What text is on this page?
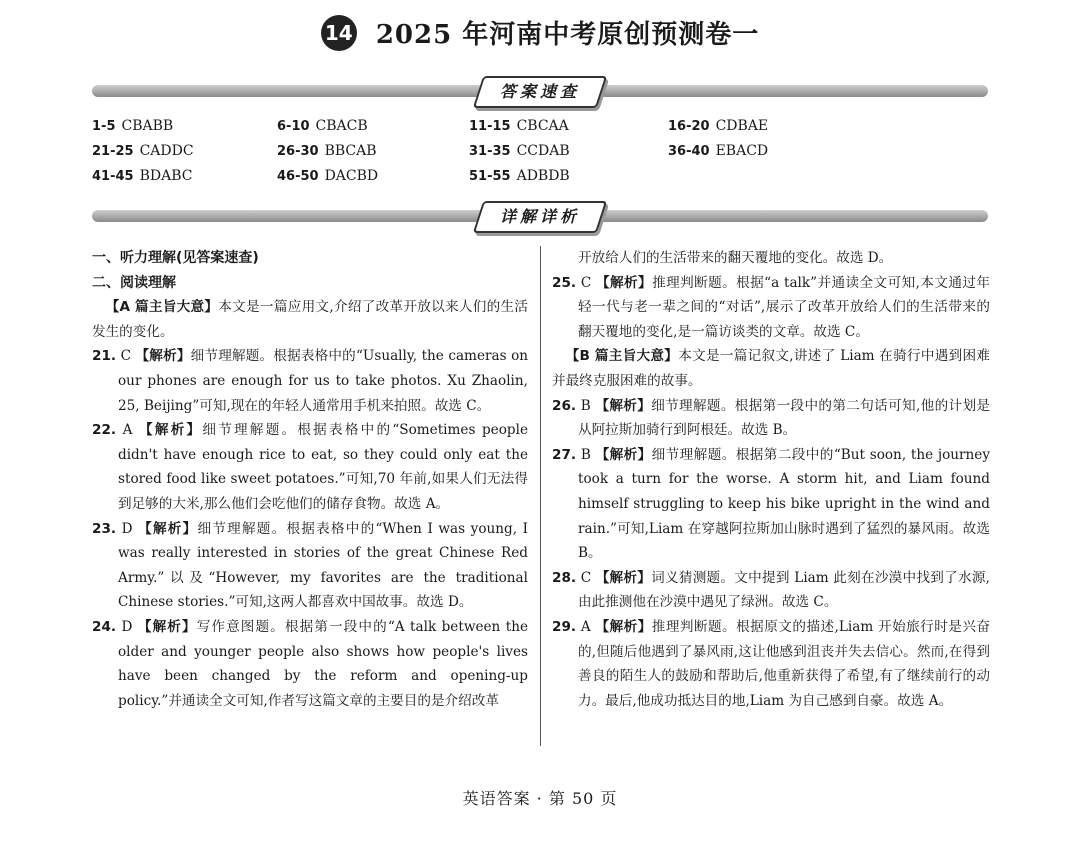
14 2025 年河南中考原创预测卷一
答案速查
1-5 CBABB	6-10 CBACB	11-15 CBCAA	16-20 CDBAE
21-25 CADDC	26-30 BBCAB	31-35 CCDAB	36-40 EBACD
41-45 BDABC	46-50 DACBD	51-55 ADBDB
详解详析

一、听力理解(见答案速查)

二、阅读理解

【A 篇主旨大意】本文是一篇应用文,介绍了改革开放以来人们的生活发生的变化。

21. C 【解析】细节理解题。根据表格中的“Usually, the cameras on our phones are enough for us to take photos. Xu Zhaolin, 25, Beijing”可知,现在的年轻人通常用手机来拍照。故选 C。

22. A 【解析】细节理解题。根据表格中的“Sometimes people didn't have enough rice to eat, so they could only eat the stored food like sweet potatoes.”可知,70 年前,如果人们无法得到足够的大米,那么他们会吃他们的储存食物。故选 A。

23. D 【解析】细节理解题。根据表格中的“When I was young, I was really interested in stories of the great Chinese Red Army.”以及“However, my favorites are the traditional Chinese stories.”可知,这两人都喜欢中国故事。故选 D。

24. D 【解析】写作意图题。根据第一段中的“A talk between the older and younger people also shows how people's lives have been changed by the reform and opening-up policy.”并通读全文可知,作者写这篇文章的主要目的是介绍改革

开放给人们的生活带来的翻天覆地的变化。故选 D。

25. C 【解析】推理判断题。根据“a talk”并通读全文可知,本文通过年轻一代与老一辈之间的“对话”,展示了改革开放给人们的生活带来的翻天覆地的变化,是一篇访谈类的文章。故选 C。

【B 篇主旨大意】本文是一篇记叙文,讲述了 Liam 在骑行中遇到困难并最终克服困难的故事。

26. B 【解析】细节理解题。根据第一段中的第二句话可知,他的计划是从阿拉斯加骑行到阿根廷。故选 B。

27. B 【解析】细节理解题。根据第二段中的“But soon, the journey took a turn for the worse. A storm hit, and Liam found himself struggling to keep his bike upright in the wind and rain.”可知,Liam 在穿越阿拉斯加山脉时遇到了猛烈的暴风雨。故选 B。

28. C 【解析】词义猜测题。文中提到 Liam 此刻在沙漠中找到了水源,由此推测他在沙漠中遇见了绿洲。故选 C。

29. A 【解析】推理判断题。根据原文的描述,Liam 开始旅行时是兴奋的,但随后他遇到了暴风雨,这让他感到沮丧并失去信心。然而,在得到善良的陌生人的鼓励和帮助后,他重新获得了希望,有了继续前行的动力。最后,他成功抵达目的地,Liam 为自己感到自豪。故选 A。

英语答案 · 第 50 页
